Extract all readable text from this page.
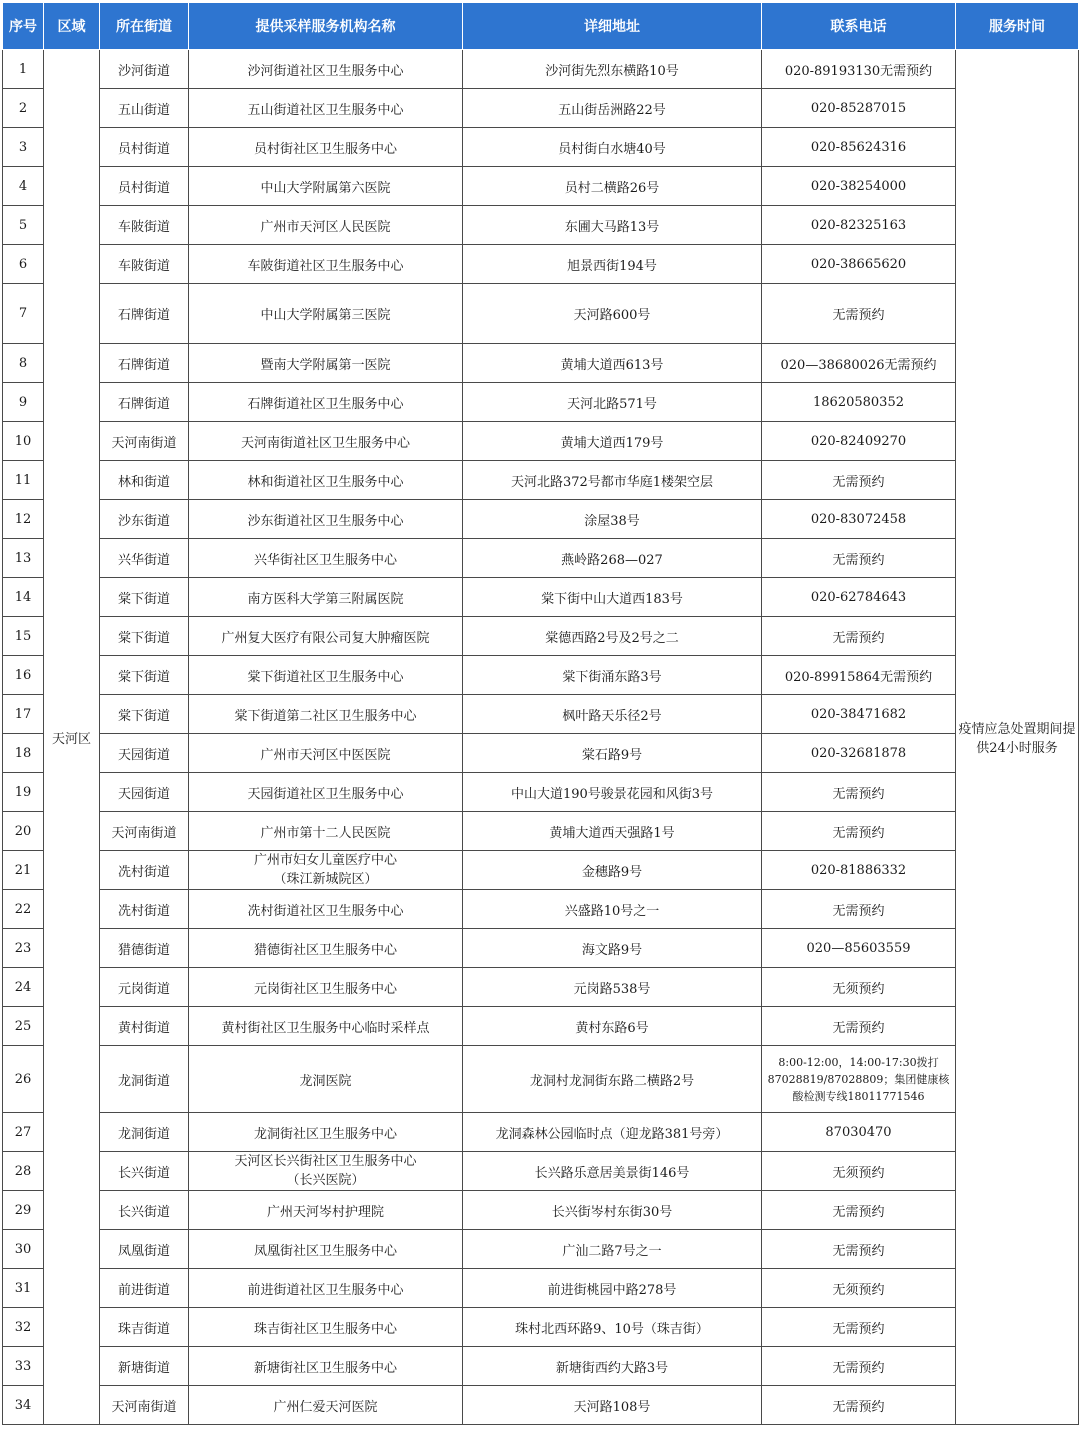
序号	区域	所在街道	提供采样服务机构名称	详细地址	联系电话	服务时间
1	天河区	沙河街道	沙河街道社区卫生服务中心	沙河街先烈东横路10号	020-89193130无需预约	疫情应急处置期间提供24小时服务
2		五山街道	五山街道社区卫生服务中心	五山街岳洲路22号	020-85287015	
3		员村街道	员村街社区卫生服务中心	员村街白水塘40号	020-85624316	
4		员村街道	中山大学附属第六医院	员村二横路26号	020-38254000	
5		车陂街道	广州市天河区人民医院	东圃大马路13号	020-82325163	
6		车陂街道	车陂街道社区卫生服务中心	旭景西街194号	020-38665620	
7		石牌街道	中山大学附属第三医院	天河路600号	无需预约	
8		石牌街道	暨南大学附属第一医院	黄埔大道西613号	020—38680026无需预约	
9		石牌街道	石牌街道社区卫生服务中心	天河北路571号	18620580352	
10		天河南街道	天河南街道社区卫生服务中心	黄埔大道西179号	020-82409270	
11		林和街道	林和街道社区卫生服务中心	天河北路372号都市华庭1楼架空层	无需预约	
12		沙东街道	沙东街道社区卫生服务中心	涂屋38号	020-83072458	
13		兴华街道	兴华街社区卫生服务中心	燕岭路268—027	无需预约	
14		棠下街道	南方医科大学第三附属医院	棠下街中山大道西183号	020-62784643	
15		棠下街道	广州复大医疗有限公司复大肿瘤医院	棠德西路2号及2号之二	无需预约	
16		棠下街道	棠下街道社区卫生服务中心	棠下街涌东路3号	020-89915864无需预约	
17		棠下街道	棠下街道第二社区卫生服务中心	枫叶路天乐径2号	020-38471682	
18		天园街道	广州市天河区中医医院	棠石路9号	020-32681878	
19		天园街道	天园街道社区卫生服务中心	中山大道190号骏景花园和风街3号	无需预约	
20		天河南街道	广州市第十二人民医院	黄埔大道西天强路1号	无需预约	
21		冼村街道	广州市妇女儿童医疗中心
（珠江新城院区）	金穗路9号	020-81886332	
22		冼村街道	冼村街道社区卫生服务中心	兴盛路10号之一	无需预约	
23		猎德街道	猎德街社区卫生服务中心	海文路9号	020—85603559	
24		元岗街道	元岗街社区卫生服务中心	元岗路538号	无须预约	
25		黄村街道	黄村街社区卫生服务中心临时采样点	黄村东路6号	无需预约	
26		龙洞街道	龙洞医院	龙洞村龙洞街东路二横路2号	8:00-12:00，14:00-17:30拨打87028819/87028809；集团健康核酸检测专线18011771546	
27		龙洞街道	龙洞街社区卫生服务中心	龙洞森林公园临时点（迎龙路381号旁）	87030470	
28		长兴街道	天河区长兴街社区卫生服务中心
（长兴医院）	长兴路乐意居美景街146号	无须预约	
29		长兴街道	广州天河岑村护理院	长兴街岑村东街30号	无需预约	
30		凤凰街道	凤凰街社区卫生服务中心	广汕二路7号之一	无需预约	
31		前进街道	前进街道社区卫生服务中心	前进街桃园中路278号	无须预约	
32		珠吉街道	珠吉街社区卫生服务中心	珠村北西环路9、10号（珠吉街）	无需预约	
33		新塘街道	新塘街社区卫生服务中心	新塘街西约大路3号	无需预约	
34		天河南街道	广州仁爱天河医院	天河路108号	无需预约	
